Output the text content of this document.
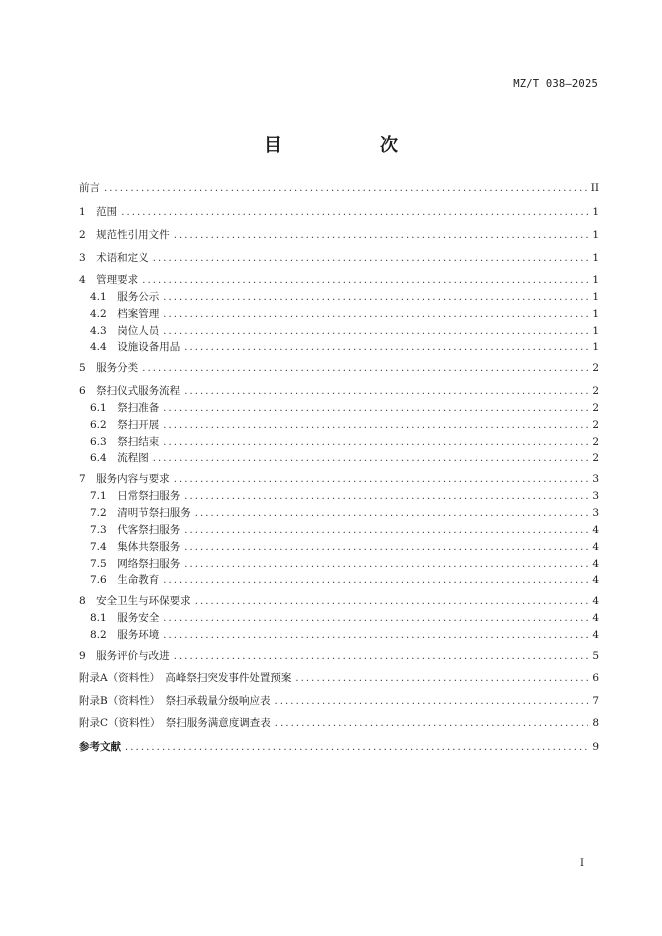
MZ/T 038—2025
目　次
前言 .....	II
1　范围 .....	1
2　规范性引用文件 .....	1
3　术语和定义 .....	1
4　管理要求 .....	1
4.1　服务公示 .....	1
4.2　档案管理 .....	1
4.3　岗位人员 .....	1
4.4　设施设备用品 .....	1
5　服务分类 .....	2
6　祭扫仪式服务流程 .....	2
6.1　祭扫准备 .....	2
6.2　祭扫开展 .....	2
6.3　祭扫结束 .....	2
6.4　流程图 .....	2
7　服务内容与要求 .....	3
7.1　日常祭扫服务 .....	3
7.2　清明节祭扫服务 .....	3
7.3　代客祭扫服务 .....	4
7.4　集体共祭服务 .....	4
7.5　网络祭扫服务 .....	4
7.6　生命教育 .....	4
8　安全卫生与环保要求 .....	4
8.1　服务安全 .....	4
8.2　服务环境 .....	4
9　服务评价与改进 .....	5
附录A（资料性）　高峰祭扫突发事件处置预案 .....	6
附录B（资料性）　祭扫承载量分级响应表 .....	7
附录C（资料性）　祭扫服务满意度调查表 .....	8
参考文献 .....	9
I
